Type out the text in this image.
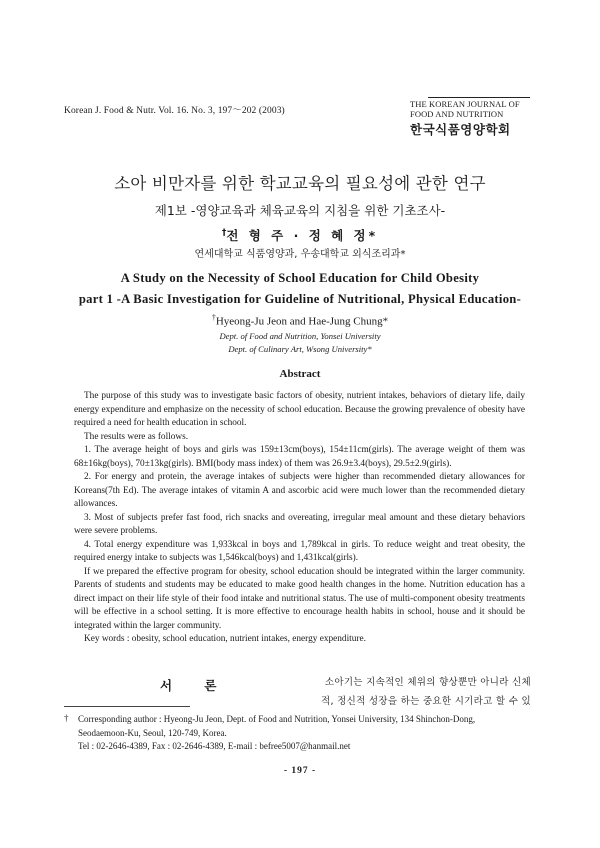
Korean J. Food & Nutr. Vol. 16. No. 3, 197～202 (2003)
THE KOREAN JOURNAL OF
FOOD AND NUTRITION
한국식품영양학회
소아 비만자를 위한 학교교육의 필요성에 관한 연구
제1보 -영양교육과 체육교육의 지침을 위한 기초조사-
†전 형 주 · 정 혜 정*
연세대학교 식품영양과, 우송대학교 외식조리과*
A Study on the Necessity of School Education for Child Obesity
part 1 -A Basic Investigation for Guideline of Nutritional, Physical Education-
†Hyeong-Ju Jeon and Hae-Jung Chung*
Dept. of Food and Nutrition, Yonsei University
Dept. of Culinary Art, Wsong University*
Abstract

The purpose of this study was to investigate basic factors of obesity, nutrient intakes, behaviors of dietary life, daily energy expenditure and emphasize on the necessity of school education. Because the growing prevalence of obesity have required a need for health education in school.

The results were as follows.

1. The average height of boys and girls was 159±13cm(boys), 154±11cm(girls). The average weight of them was 68±16kg(boys), 70±13kg(girls). BMI(body mass index) of them was 26.9±3.4(boys), 29.5±2.9(girls).

2. For energy and protein, the average intakes of subjects were higher than recommended dietary allowances for Koreans(7th Ed). The average intakes of vitamin A and ascorbic acid were much lower than the recommended dietary allowances.

3. Most of subjects prefer fast food, rich snacks and overeating, irregular meal amount and these dietary behaviors were severe problems.

4. Total energy expenditure was 1,933kcal in boys and 1,789kcal in girls. To reduce weight and treat obesity, the required energy intake to subjects was 1,546kcal(boys) and 1,431kcal(girls).

If we prepared the effective program for obesity, school education should be integrated within the larger community. Parents of students and students may be educated to make good health changes in the home. Nutrition education has a direct impact on their life style of their food intake and nutritional status. The use of multi-component obesity treatments will be effective in a school setting. It is more effective to encourage health habits in school, house and it should be integrated within the larger community.

Key words : obesity, school education, nutrient intakes, energy expenditure.

서 론	소아기는 지속적인 체위의 향상뿐만 아니라 신체
적, 정신적 성장을 하는 중요한 시기라고 할 수 있
† Corresponding author : Hyeong-Ju Jeon, Dept. of Food and Nutrition, Yonsei University, 134 Shinchon-Dong,
Seodaemoon-Ku, Seoul, 120-749, Korea.
Tel : 02-2646-4389, Fax : 02-2646-4389, E-mail : befree5007@hanmail.net
- 197 -
